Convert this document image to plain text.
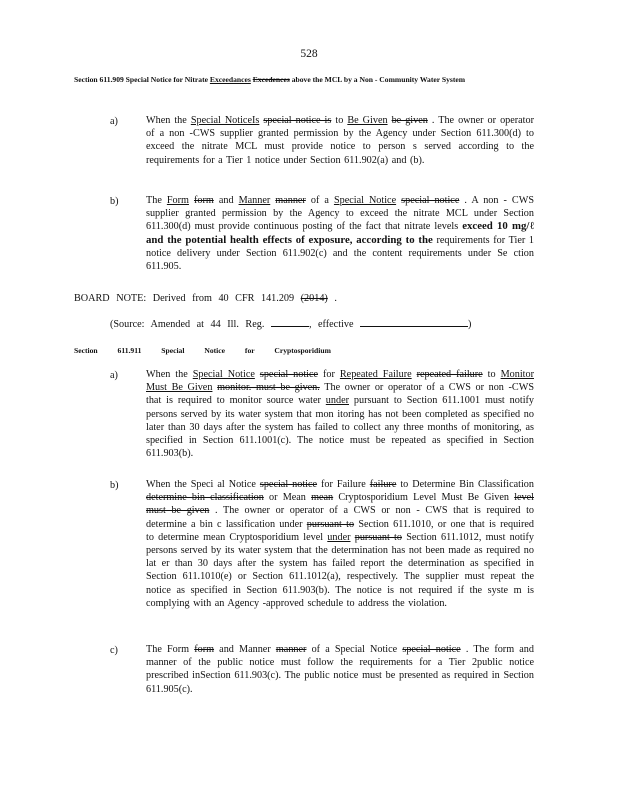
528
Section 611.909 Special Notice for Nitrate Exceedances Excedences above the MCL by a Non - Community Water System
a)	When the Special NoticeIs special notice is to Be Given be given . The owner or operator of a non -CWS supplier granted permission by the Agency under Section 611.300(d) to exceed the nitrate MCL must provide notice to person s served according to the requirements for a Tier 1 notice under Section 611.902(a) and (b).
b)	The Form form and Manner manner of a Special Notice special notice . A non - CWS supplier granted permission by the Agency to exceed the nitrate MCL under Section 611.300(d) must provide continuous posting of the fact that nitrate levels exceed 10 mg/ℓ and the potential health effects of exposure, according to the requirements for Tier 1 notice delivery under Section 611.902(c) and the content requirements under Se ction 611.905.
BOARD NOTE: Derived from 40 CFR 141.209 (2014) .
(Source: Amended at 44 Ill. Reg.	, effective	)
Section 611.911 Special Notice for Cryptosporidium
a)	When the Special Notice special notice for Repeated Failure repeated failure to Monitor Must Be Given monitor. must be given. The owner or operator of a CWS or non -CWS that is required to monitor source water under pursuant to Section 611.1001 must notify persons served by its water system that mon itoring has not been completed as specified no later than 30 days after the system has failed to collect any three months of monitoring, as specified in Section 611.1001(c). The notice must be repeated as specified in Section 611.903(b).
b)	When the Speci al Notice special notice for Failure failure to Determine Bin Classification determine bin classification or Mean mean Cryptosporidium Level Must Be Given level must be given . The owner or operator of a CWS or non - CWS that is required to determine a bin c lassification under pursuant to Section 611.1010, or one that is required to determine mean Cryptosporidium level under pursuant to Section 611.1012, must notify persons served by its water system that the determination has not been made as required no lat er than 30 days after the system has failed report the determination as specified in Section 611.1010(e) or Section 611.1012(a), respectively. The supplier must repeat the notice as specified in Section 611.903(b). The notice is not required if the syste m is complying with an Agency -approved schedule to address the violation.
c)	The Form form and Manner manner of a Special Notice special notice . The form and manner of the public notice must follow the requirements for a Tier 2public notice prescribed inSection 611.903(c). The public notice must be presented as required in Section 611.905(c).
